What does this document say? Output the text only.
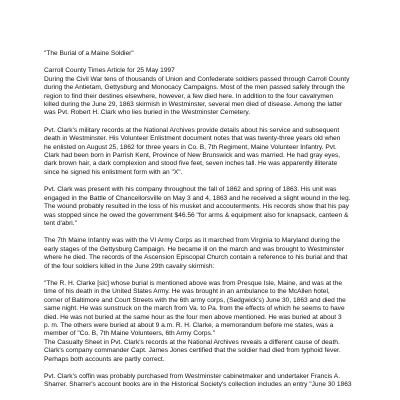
"The Burial of a Maine Soldier"

Carroll County Times Article for 25 May 1997
During the Civil War tens of thousands of Union and Confederate soldiers passed through Carroll County
during the Antietam, Gettysburg and Monocacy Campaigns. Most of the men passed safely through the
region to find their destines elsewhere, however, a few died here. In addition to the four cavalrymen
killed during the June 29, 1863 skirmish in Westminster, several men died of disease. Among the latter
was Pvt. Robert H. Clark who lies buried in the Westminster Cemetery.

Pvt. Clark's military records at the National Archives provide details about his service and subsequent
death in Westminster. His Volunteer Enlistment document notes that was twenty-three years old when
he enlisted on August 25, 1862 for three years in Co. B, 7th Regiment, Maine Volunteer Infantry. Pvt.
Clark had been born in Parrish Kent, Province of New Brunswick and was married. He had gray eyes,
dark brown hair, a dark complexion and stood five feet, seven inches tall. He was apparently illiterate
since he signed his enlistment form with an "X".

Pvt. Clark was present with his company throughout the fall of 1862 and spring of 1863. His unit was
engaged in the Battle of Chancellorsville on May 3 and 4, 1863 and he received a slight wound in the leg.
The wound probably resulted in the loss of his musket and accouterments. His records show that his pay
was stopped since he owed the government $46.56 "for arms & equipment also for knapsack, canteen &
tent d'abri."

The 7th Maine Infantry was with the VI Army Corps as it marched from Virginia to Maryland during the
early stages of the Gettysburg Campaign. He became ill on the march and was brought to Westminster
where he died. The records of the Ascension Episcopal Church contain a reference to his burial and that
of the four soldiers killed in the June 29th cavalry skirmish:

"The R. H. Clarke [sic] whose burial is mentioned above was from Presque Isle, Maine, and was at the
time of his death in the United States Army. He was brought in an ambulance to the McAllen hotel,
corner of Baltimore and Court Streets with the 6th army corps, (Sedgwick's) June 30, 1863 and died the
same night. He was sunstruck on the march from Va. to Pa. from the effects of which he seems to have
died. He was not buried at the same hour as the four men above mentioned. He was buried at about 3
p. m. The others were buried at about 9 a.m. R. H. Clarke, a memorandum before me states, was a
member of "Co. B, 7th Maine Volunteers, 6th Army Corps."
The Casualty Sheet in Pvt. Clark's records at the National Archives reveals a different cause of death.
Clark's company commander Capt. James Jones certified that the soldier had died from typhoid fever.
Perhaps both accounts are partly correct.

Pvt. Clark's coffin was probably purchased from Westminster cabinetmaker and undertaker Francis A.
Sharrer. Sharrer's account books are in the Historical Society's collection includes an entry "June 30 1863
